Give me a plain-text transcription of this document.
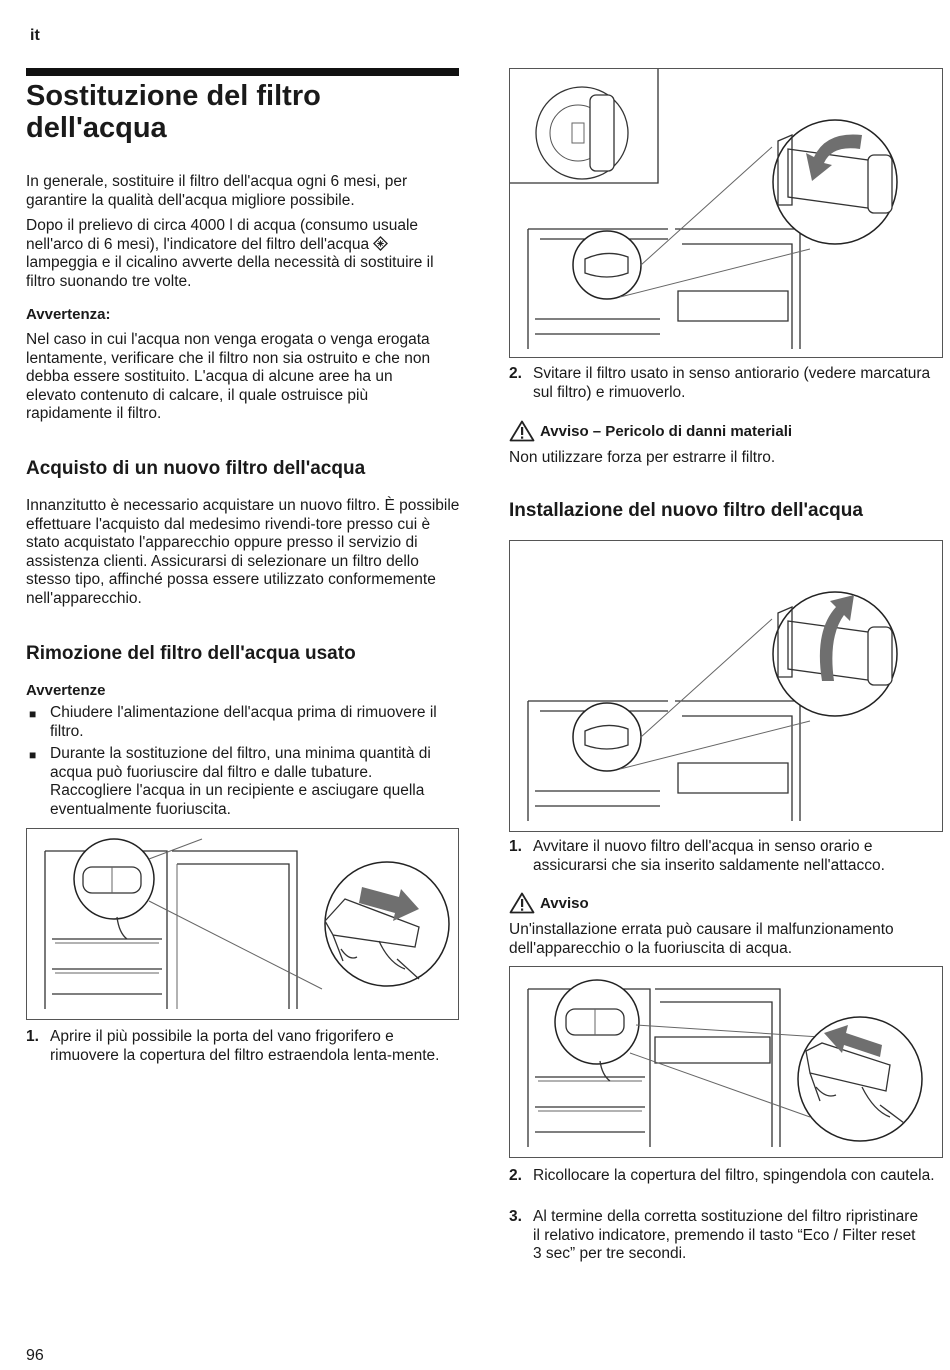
it
Sostituzione del filtro dell'acqua

In generale, sostituire il filtro dell'acqua ogni 6 mesi, per garantire la qualità dell'acqua migliore possibile.

Dopo il prelievo di circa 4000 l di acqua (consumo usuale nell'arco di 6 mesi), l'indicatore del filtro dell'acqua
lampeggia e il cicalino avverte della necessità di sostituire il filtro suonando tre volte.

Avvertenza:

Nel caso in cui l'acqua non venga erogata o venga erogata lentamente, verificare che il filtro non sia ostruito e che non debba essere sostituito. L'acqua di alcune aree ha un elevato contenuto di calcare, il quale ostruisce più rapidamente il filtro.

Acquisto di un nuovo filtro dell'acqua

Innanzitutto è necessario acquistare un nuovo filtro. È possibile effettuare l'acquisto dal medesimo rivendi-tore presso cui è stato acquistato l'apparecchio oppure presso il servizio di assistenza clienti. Assicurarsi di selezionare un filtro dello stesso tipo, affinché possa essere utilizzato conformemente nell'apparecchio.

Rimozione del filtro dell'acqua usato
Avvertenze
■ Chiudere l'alimentazione dell'acqua prima di rimuovere il filtro.

■ Durante la sostituzione del filtro, una minima quantità di acqua può fuoriuscire dal filtro e dalle tubature. Raccogliere l'acqua in un recipiente e asciugare quella eventualmente fuoriuscita.

1. Aprire il più possibile la porta del vano frigorifero e rimuovere la copertura del filtro estraendola lenta-mente.

2. Svitare il filtro usato in senso antiorario (vedere marcatura sul filtro) e rimuoverlo.

Avviso – Pericolo di danni materiali

Non utilizzare forza per estrarre il filtro.

Installazione del nuovo filtro dell'acqua
1. Avvitare il nuovo filtro dell'acqua in senso orario e assicurarsi che sia inserito saldamente nell'attacco.

Avviso

Un'installazione errata può causare il malfunzionamento dell'apparecchio o la fuoriuscita di acqua.

2. Ricollocare la copertura del filtro, spingendola con cautela.

3. Al termine della corretta sostituzione del filtro ripristinare il relativo indicatore, premendo il tasto “Eco / Filter reset 3 sec” per tre secondi.

96
